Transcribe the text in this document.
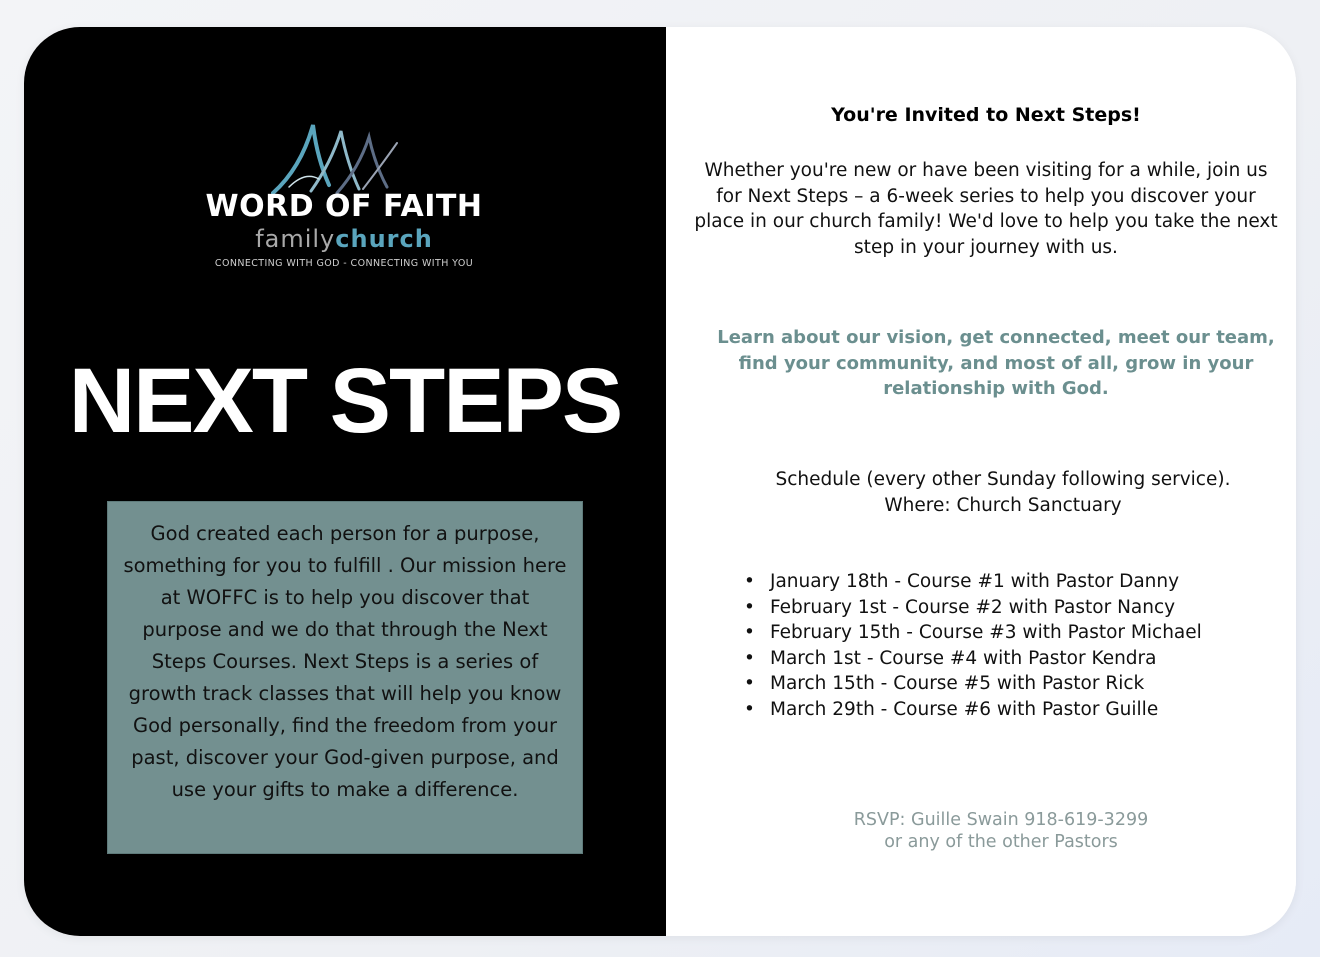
WORD OF FAITH
familychurch
CONNECTING WITH GOD - CONNECTING WITH YOU
NEXT STEPS
God created each person for a purpose, something for you to fulfill . Our mission here at WOFFC is to help you discover that purpose and we do that through the Next Steps Courses. Next Steps is a series of growth track classes that will help you know God personally, find the freedom from your past, discover your God-given purpose, and use your gifts to make a difference.
You're Invited to Next Steps!
Whether you're new or have been visiting for a while, join us for Next Steps – a 6-week series to help you discover your place in our church family! We'd love to help you take the next step in your journey with us.
Learn about our vision, get connected, meet our team, find your community, and most of all, grow in your relationship with God.
Schedule (every other Sunday following service).
Where: Church Sanctuary
• January 18th - Course #1 with Pastor Danny
• February 1st - Course #2 with Pastor Nancy
• February 15th - Course #3 with Pastor Michael
• March 1st - Course #4 with Pastor Kendra
• March 15th - Course #5 with Pastor Rick
• March 29th - Course #6 with Pastor Guille
RSVP: Guille Swain 918-619-3299
or any of the other Pastors
